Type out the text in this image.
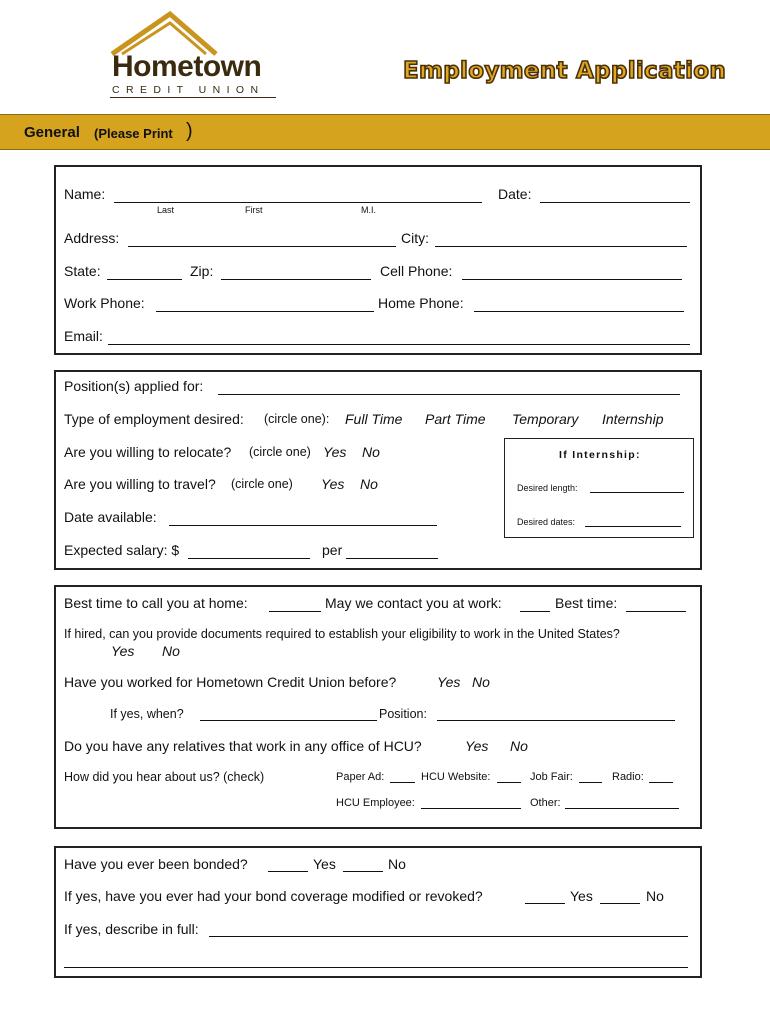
Hometown
CREDIT UNION
Employment Application
General (Please Print )
Name:
Last	First	M.I.
Date:
Address:	City:
State:	Zip:	Cell Phone:
Work Phone:	Home Phone:
Email:
Position(s) applied for:
Type of employment desired: (circle one): Full Time Part Time Temporary Internship
Are you willing to relocate? (circle one) Yes No
Are you willing to travel? (circle one) Yes No
Date available:
Expected salary: $	per
If Internship:
Desired length:
Desired dates:
Best time to call you at home:	May we contact you at work:	Best time:
If hired, can you provide documents required to establish your eligibility to work in the United States?
Yes No
Have you worked for Hometown Credit Union before?	Yes No
If yes, when?	Position:
Do you have any relatives that work in any office of HCU?	Yes No
How did you hear about us? (check)	Paper Ad:	HCU Website:	Job Fair:	Radio:
HCU Employee:	Other:
Have you ever been bonded?	Yes	No
If yes, have you ever had your bond coverage modified or revoked?	Yes	No
If yes, describe in full:
